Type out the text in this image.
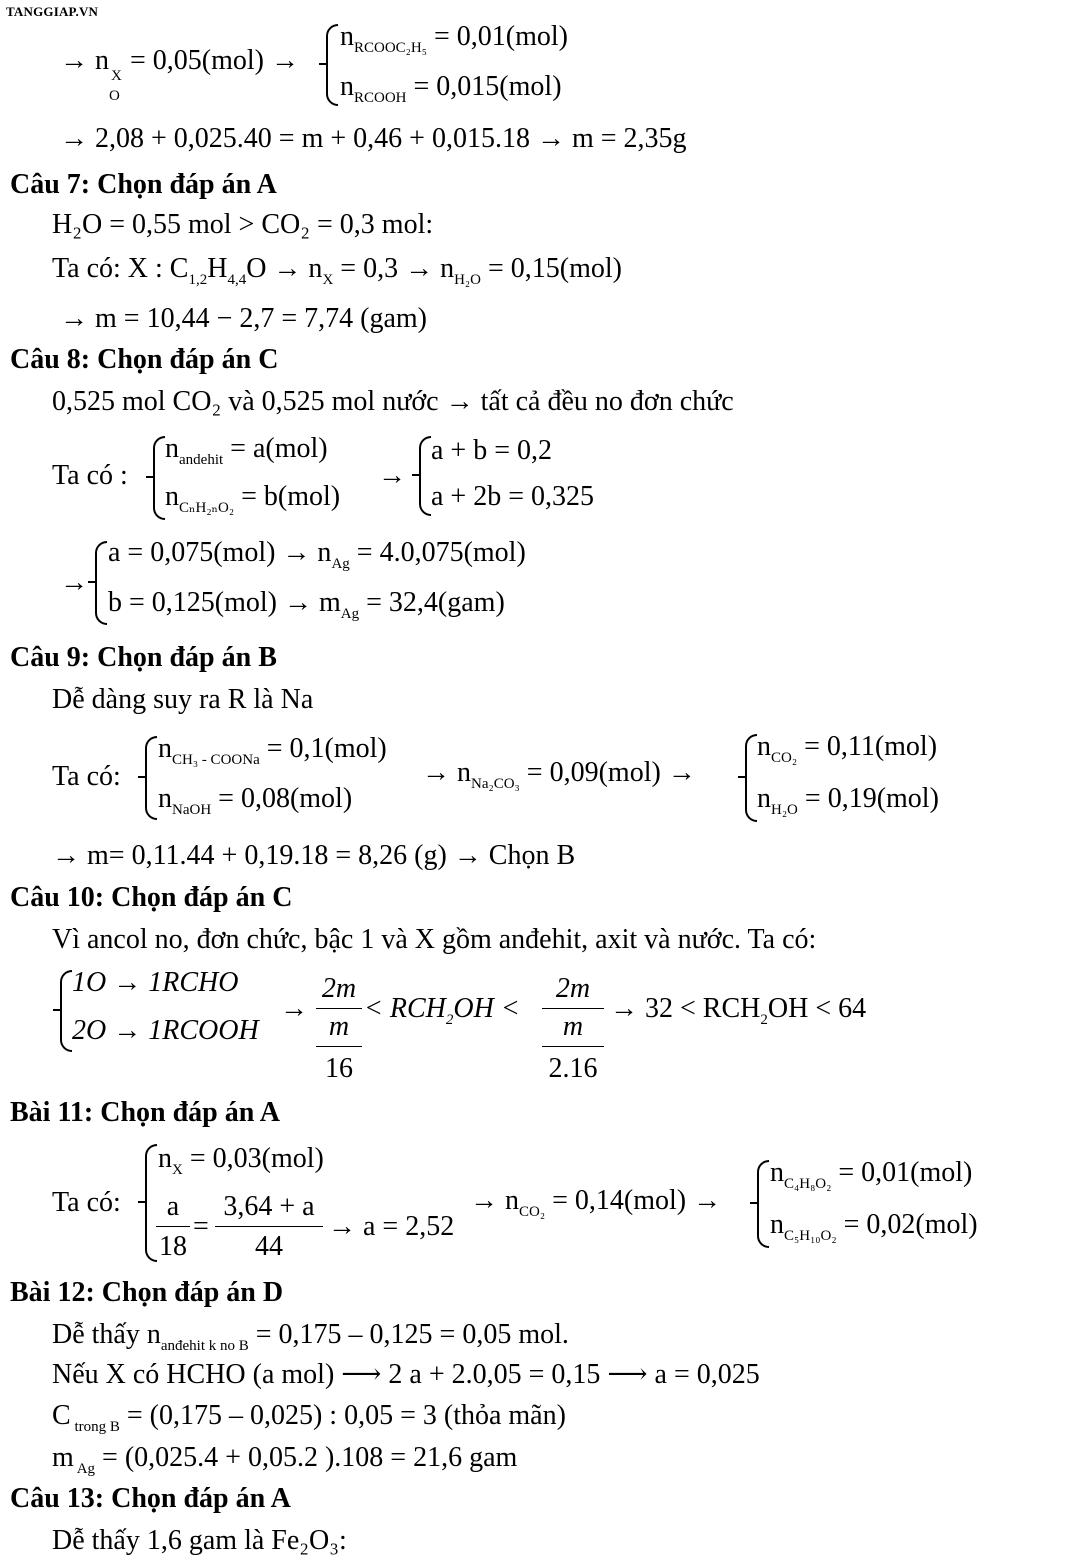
TANGGIAP.VN
→ n X
O
= 0,05(mol) →
$n_{RCOOC_2H_5} = 0,01(mol)$
$n_{RCOOH} = 0,015(mol)$
→ 2,08 + 0,025.40 = m + 0,46 + 0,015.18 → m = 2,35g
Câu 7: Chọn đáp án A
H₂O = 0,55 mol > CO₂ = 0,3 mol:
Ta có: X : $C_{1,2}H_{4,4}O \to n_X = 0,3 \to n_{H_2O} = 0,15(mol)$
→ m = 10,44 − 2,7 = 7,74 (gam)
Câu 8: Chọn đáp án C
0,525 mol CO₂ và 0,525 mol nước → tất cả đều no đơn chức
Ta có :
$n_{andehit} = a(mol)$
$n_{C_nH_{2n}O_2} = b(mol)$
→
a + b = 0,2
a + 2b = 0,325
→
$a = 0,075(mol) \to n_{Ag} = 4.0,075(mol)$
$b = 0,125(mol) \to m_{Ag} = 32,4(gam)$
Câu 9: Chọn đáp án B
Dễ dàng suy ra R là Na
Ta có:
$n_{CH_3 - COONa} = 0,1(mol)$
$n_{NaOH} = 0,08(mol)$
→ $n_{Na_2CO_3} = 0,09(mol)$ →
$n_{CO_2} = 0,11(mol)$
$n_{H_2O} = 0,19(mol)$
→ m= 0,11.44 + 0,19.18 = 8,26 (g) → Chọn B
Câu 10: Chọn đáp án C
Vì ancol no, đơn chức, bậc 1 và X gồm anđehit, axit và nước. Ta có:
1O → 1RCHO
2O → 1RCOOH
→
2m
m
16
< $RCH_2OH$ <
2m
m
2.16
→ $32 < RCH_2OH < 64$
Bài 11: Chọn đáp án A
Ta có:
$n_X = 0,03(mol)$
a
18
=
3,64 + a
44
→ a = 2,52
→ $n_{CO_2} = 0,14(mol)$ →
$n_{C_4H_8O_2} = 0,01(mol)$
$n_{C_5H_{10}O_2} = 0,02(mol)$
Bài 12: Chọn đáp án D
Dễ thấy $n_{anđehit k no B} = 0,175 - 0,125 = 0,05$ mol.
Nếu X có HCHO (a mol) ⟶ 2 a + 2.0,05 = 0,15 ⟶ a = 0,025
C $_{trong B}$ = (0,175 – 0,025) : 0,05 = 3 (thỏa mãn)
m $_{Ag}$ = (0,025.4 + 0,05.2 ).108 = 21,6 gam
Câu 13: Chọn đáp án A
Dễ thấy 1,6 gam là Fe₂O₃:
